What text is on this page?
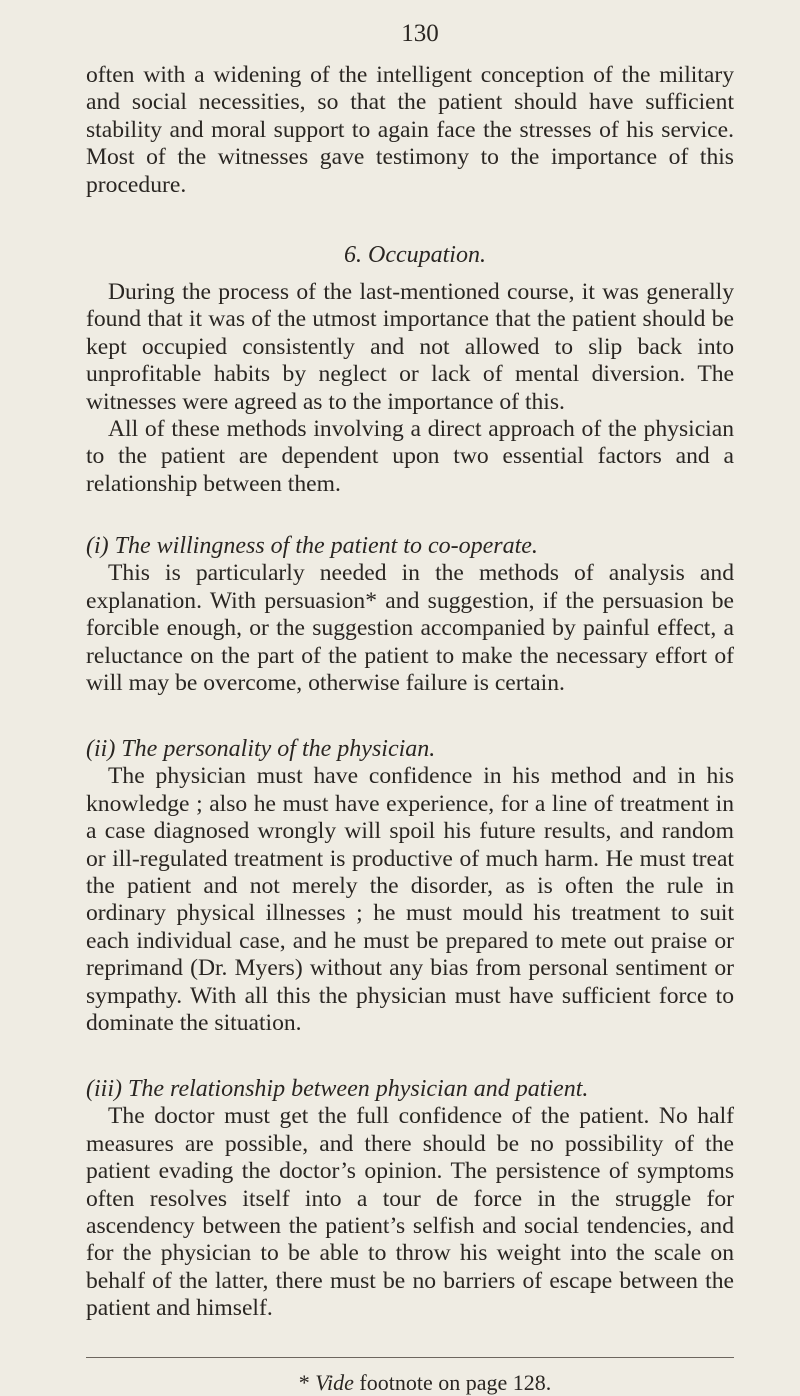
130

often with a widening of the intelligent conception of the military and social necessities, so that the patient should have sufficient stability and moral support to again face the stresses of his service. Most of the witnesses gave testimony to the importance of this procedure.

6. Occupation.

During the process of the last-mentioned course, it was generally found that it was of the utmost importance that the patient should be kept occupied consistently and not allowed to slip back into unprofitable habits by neglect or lack of mental diversion. The witnesses were agreed as to the importance of this.

All of these methods involving a direct approach of the physician to the patient are dependent upon two essential factors and a relationship between them.

(i) The willingness of the patient to co-operate.

This is particularly needed in the methods of analysis and explanation. With persuasion* and suggestion, if the persuasion be forcible enough, or the suggestion accompanied by painful effect, a reluctance on the part of the patient to make the necessary effort of will may be overcome, otherwise failure is certain.

(ii) The personality of the physician.

The physician must have confidence in his method and in his knowledge ; also he must have experience, for a line of treatment in a case diagnosed wrongly will spoil his future results, and random or ill-regulated treatment is productive of much harm. He must treat the patient and not merely the disorder, as is often the rule in ordinary physical illnesses ; he must mould his treatment to suit each individual case, and he must be prepared to mete out praise or reprimand (Dr. Myers) without any bias from personal sentiment or sympathy. With all this the physician must have sufficient force to dominate the situation.

(iii) The relationship between physician and patient.

The doctor must get the full confidence of the patient. No half measures are possible, and there should be no possibility of the patient evading the doctor’s opinion. The persistence of symptoms often resolves itself into a tour de force in the struggle for ascendency between the patient’s selfish and social tendencies, and for the physician to be able to throw his weight into the scale on behalf of the latter, there must be no barriers of escape between the patient and himself.

* Vide footnote on page 128.
